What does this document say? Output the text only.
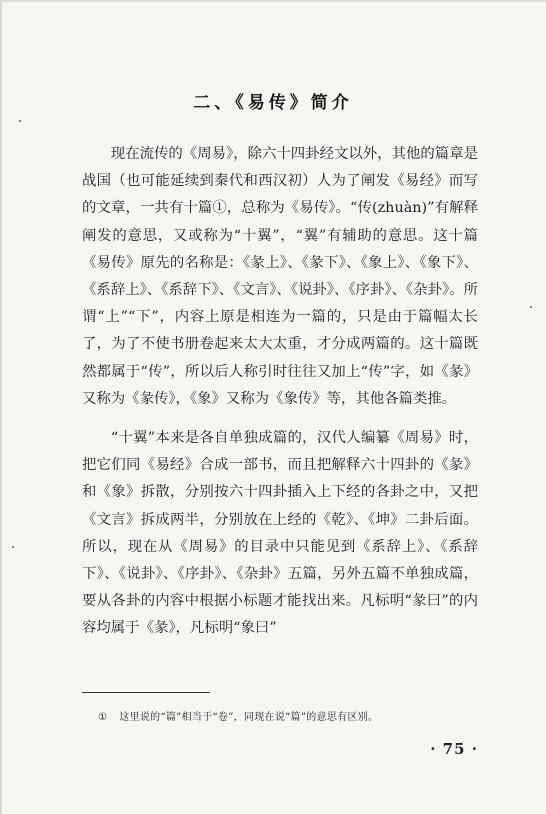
二、《易传》简介

现在流传的《周易》，除六十四卦经文以外，其他的篇章是战国（也可能延续到秦代和西汉初）人为了阐发《易经》而写的文章，一共有十篇①，总称为《易传》。“传(zhuàn)”有解释阐发的意思，又或称为“十翼”，“翼”有辅助的意思。这十篇《易传》原先的名称是：《彖上》、《彖下》、《象上》、《象下》、《系辞上》、《系辞下》、《文言》、《说卦》、《序卦》、《杂卦》。所谓“上”“下”，内容上原是相连为一篇的，只是由于篇幅太长了，为了不使书册卷起来太大太重，才分成两篇的。这十篇既然都属于“传”，所以后人称引时往往又加上“传”字，如《彖》又称为《彖传》，《象》又称为《象传》等，其他各篇类推。

“十翼”本来是各自单独成篇的，汉代人编纂《周易》时，把它们同《易经》合成一部书，而且把解释六十四卦的《彖》和《象》拆散，分别按六十四卦插入上下经的各卦之中，又把《文言》拆成两半，分别放在上经的《乾》、《坤》二卦后面。所以，现在从《周易》的目录中只能见到《系辞上》、《系辞下》、《说卦》、《序卦》、《杂卦》五篇，另外五篇不单独成篇，要从各卦的内容中根据小标题才能找出来。凡标明“彖曰”的内容均属于《彖》，凡标明“象曰”

① 这里说的“篇”相当于“卷”，同现在说“篇”的意思有区别。
· 75 ·
